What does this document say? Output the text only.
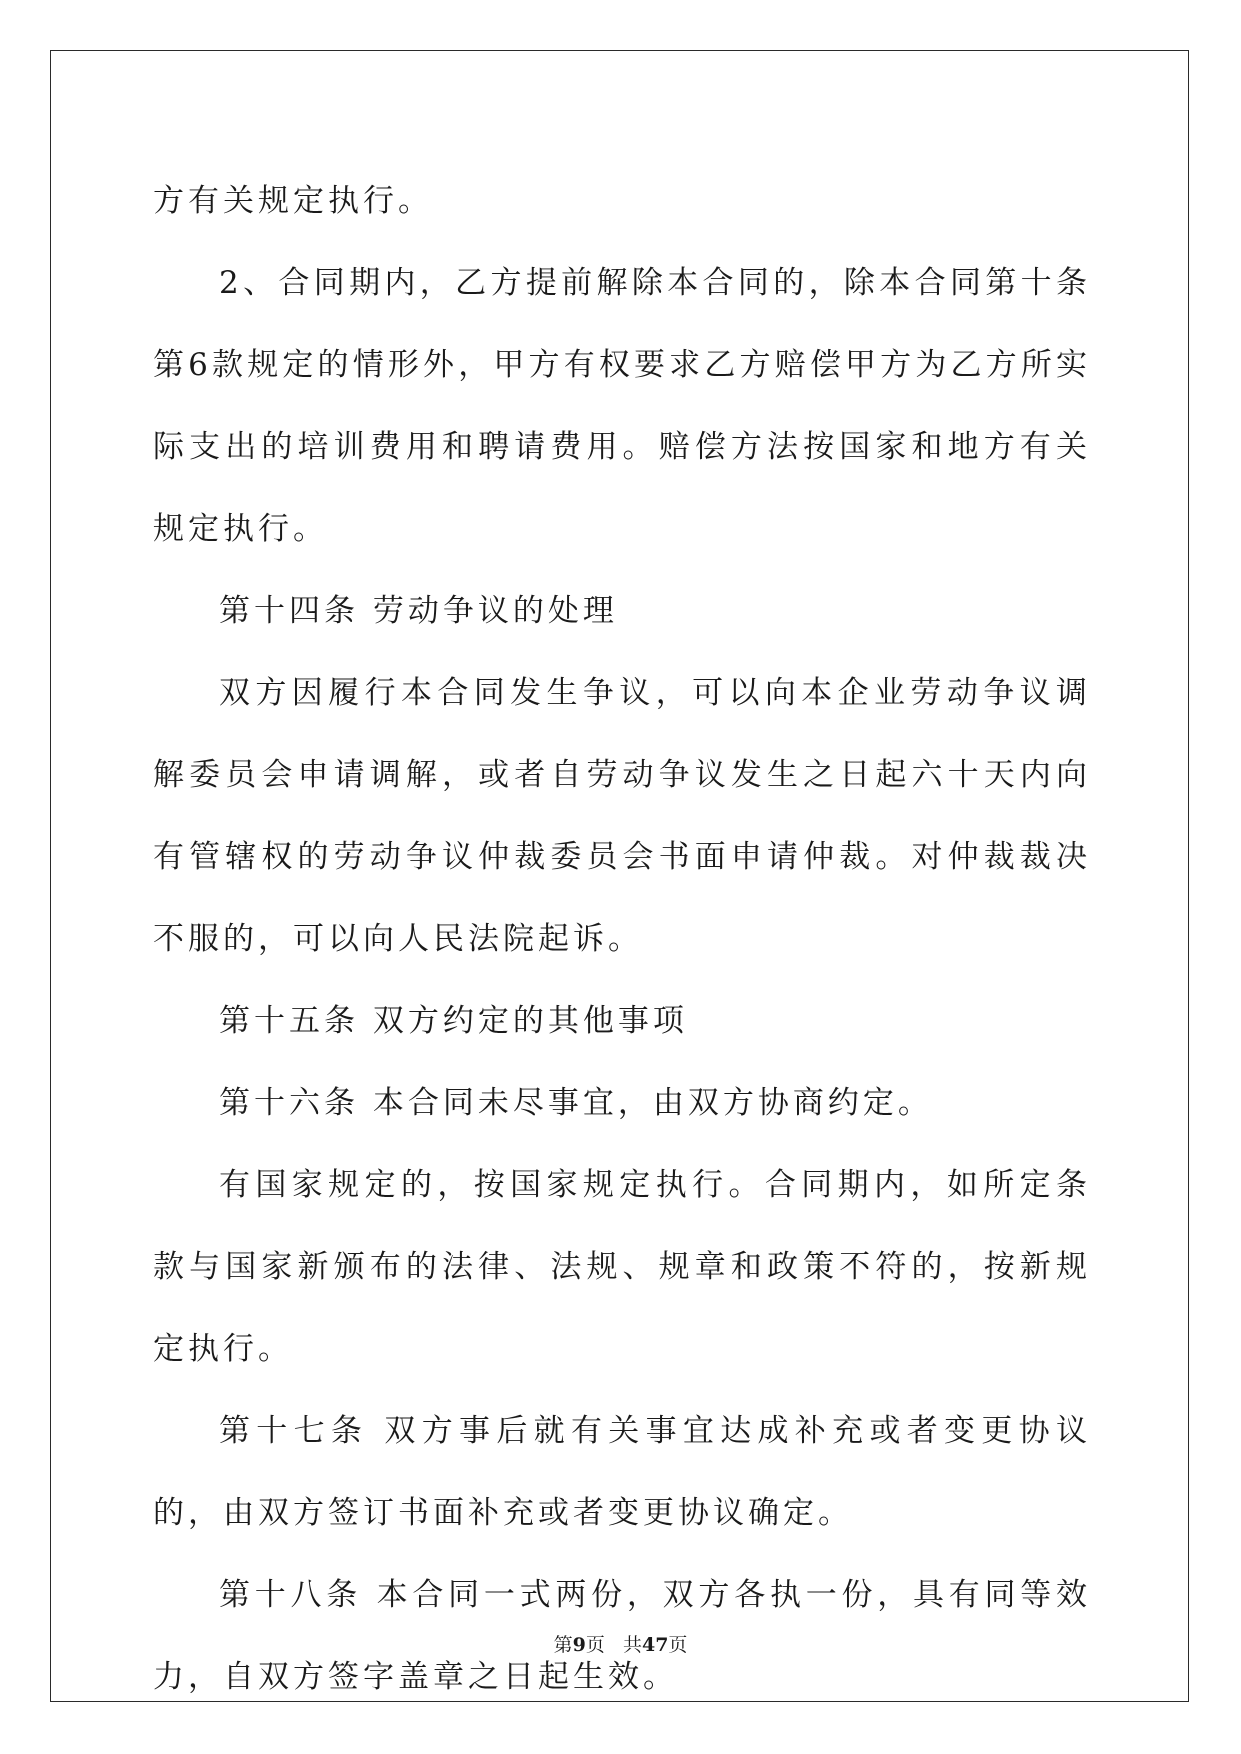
方有关规定执行。

2、合同期内，乙方提前解除本合同的，除本合同第十条第6款规定的情形外，甲方有权要求乙方赔偿甲方为乙方所实际支出的培训费用和聘请费用。赔偿方法按国家和地方有关规定执行。

第十四条 劳动争议的处理

双方因履行本合同发生争议，可以向本企业劳动争议调解委员会申请调解，或者自劳动争议发生之日起六十天内向有管辖权的劳动争议仲裁委员会书面申请仲裁。对仲裁裁决不服的，可以向人民法院起诉。

第十五条 双方约定的其他事项

第十六条 本合同未尽事宜，由双方协商约定。

有国家规定的，按国家规定执行。合同期内，如所定条款与国家新颁布的法律、法规、规章和政策不符的，按新规定执行。

第十七条 双方事后就有关事宜达成补充或者变更协议的，由双方签订书面补充或者变更协议确定。

第十八条 本合同一式两份，双方各执一份，具有同等效力，自双方签字盖章之日起生效。

第9页 共47页
